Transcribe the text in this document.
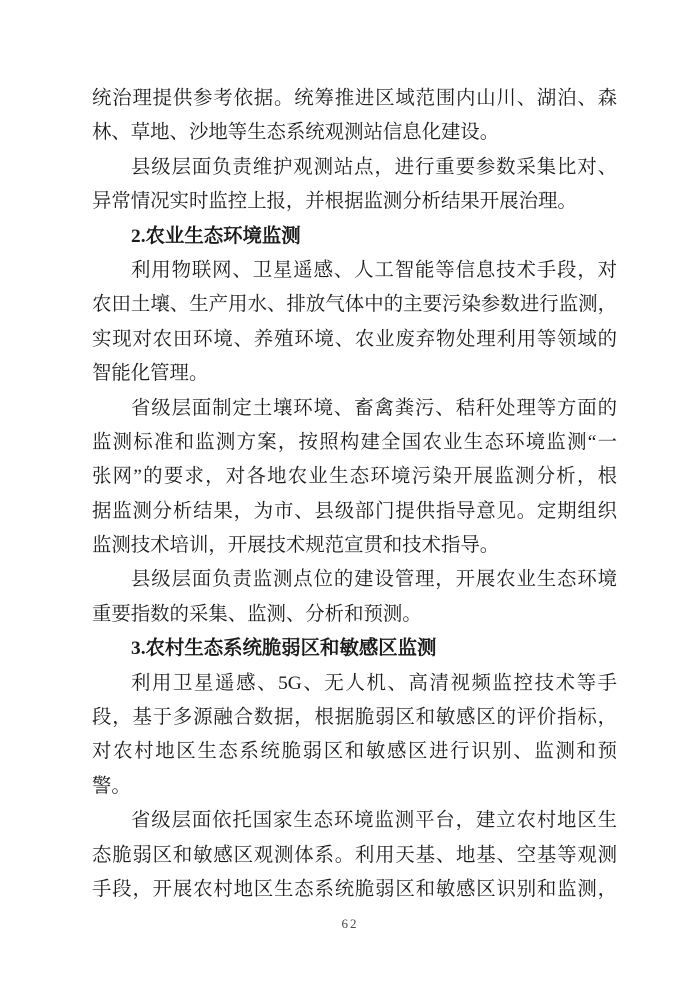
统治理提供参考依据。统筹推进区域范围内山川、湖泊、森
林、草地、沙地等生态系统观测站信息化建设。
县级层面负责维护观测站点，进行重要参数采集比对、
异常情况实时监控上报，并根据监测分析结果开展治理。
2.农业生态环境监测
利用物联网、卫星遥感、人工智能等信息技术手段，对
农田土壤、生产用水、排放气体中的主要污染参数进行监测，
实现对农田环境、养殖环境、农业废弃物处理利用等领域的
智能化管理。
省级层面制定土壤环境、畜禽粪污、秸秆处理等方面的
监测标准和监测方案，按照构建全国农业生态环境监测“一
张网”的要求，对各地农业生态环境污染开展监测分析，根
据监测分析结果，为市、县级部门提供指导意见。定期组织
监测技术培训，开展技术规范宣贯和技术指导。
县级层面负责监测点位的建设管理，开展农业生态环境
重要指数的采集、监测、分析和预测。
3.农村生态系统脆弱区和敏感区监测
利用卫星遥感、5G、无人机、高清视频监控技术等手
段，基于多源融合数据，根据脆弱区和敏感区的评价指标，
对农村地区生态系统脆弱区和敏感区进行识别、监测和预
警。
省级层面依托国家生态环境监测平台，建立农村地区生
态脆弱区和敏感区观测体系。利用天基、地基、空基等观测
手段，开展农村地区生态系统脆弱区和敏感区识别和监测，
62
